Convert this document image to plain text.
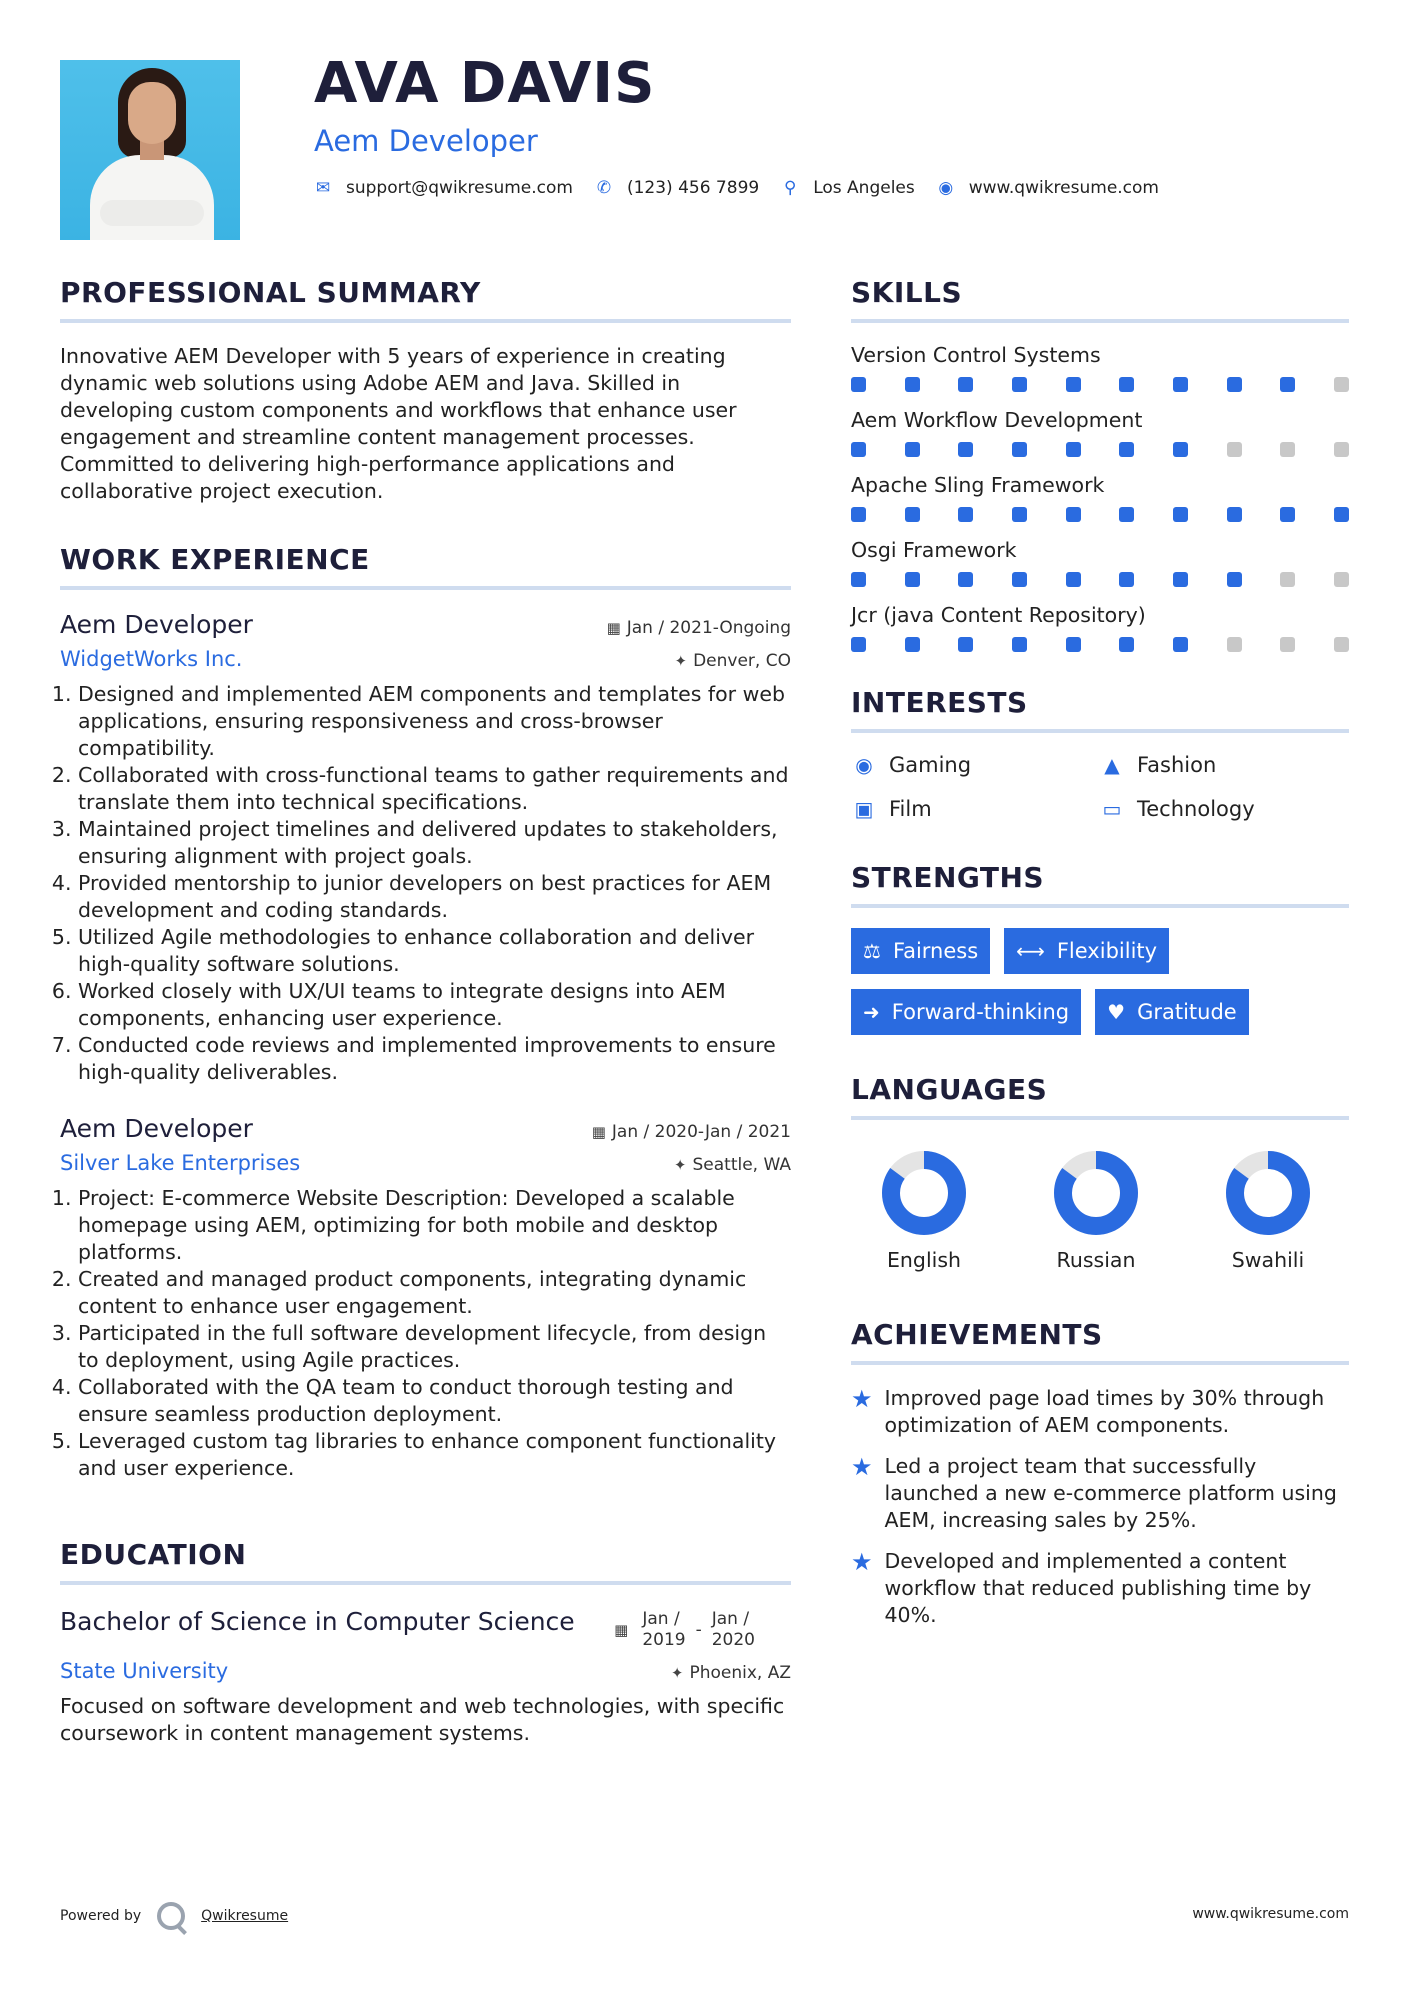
AVA DAVIS
Aem Developer
✉ support@qwikresume.com ✆ (123) 456 7899 ⚲ Los Angeles ◉ www.qwikresume.com
PROFESSIONAL SUMMARY
Innovative AEM Developer with 5 years of experience in creating dynamic web solutions using Adobe AEM and Java. Skilled in developing custom components and workflows that enhance user engagement and streamline content management processes. Committed to delivering high-performance applications and collaborative project execution.
WORK EXPERIENCE
Aem Developer	▦ Jan / 2021-Ongoing
WidgetWorks Inc.	✦ Denver, CO
1. Designed and implemented AEM components and templates for web applications, ensuring responsiveness and cross-browser compatibility.
2. Collaborated with cross-functional teams to gather requirements and translate them into technical specifications.
3. Maintained project timelines and delivered updates to stakeholders, ensuring alignment with project goals.
4. Provided mentorship to junior developers on best practices for AEM development and coding standards.
5. Utilized Agile methodologies to enhance collaboration and deliver high-quality software solutions.
6. Worked closely with UX/UI teams to integrate designs into AEM components, enhancing user experience.
7. Conducted code reviews and implemented improvements to ensure high-quality deliverables.
Aem Developer	▦ Jan / 2020-Jan / 2021
Silver Lake Enterprises	✦ Seattle, WA
1. Project: E-commerce Website Description: Developed a scalable homepage using AEM, optimizing for both mobile and desktop platforms.
2. Created and managed product components, integrating dynamic content to enhance user engagement.
3. Participated in the full software development lifecycle, from design to deployment, using Agile practices.
4. Collaborated with the QA team to conduct thorough testing and ensure seamless production deployment.
5. Leveraged custom tag libraries to enhance component functionality and user experience.
EDUCATION
Bachelor of Science in Computer Science	▦
Jan /
2019
-
Jan /
2020
State University	✦ Phoenix, AZ
Focused on software development and web technologies, with specific coursework in content management systems.
SKILLS
Version Control Systems
Aem Workflow Development
Apache Sling Framework
Osgi Framework
Jcr (java Content Repository)
INTERESTS
◉ Gaming	▲ Fashion
▣ Film	▭ Technology
STRENGTHS
⚖ Fairness ⟷ Flexibility
➜ Forward-thinking ♥ Gratitude
LANGUAGES
English	Russian	Swahili
ACHIEVEMENTS
★ Improved page load times by 30% through optimization of AEM components.
★ Led a project team that successfully launched a new e-commerce platform using AEM, increasing sales by 25%.
★ Developed and implemented a content workflow that reduced publishing time by 40%.
Powered by	Qwikresume	www.qwikresume.com
